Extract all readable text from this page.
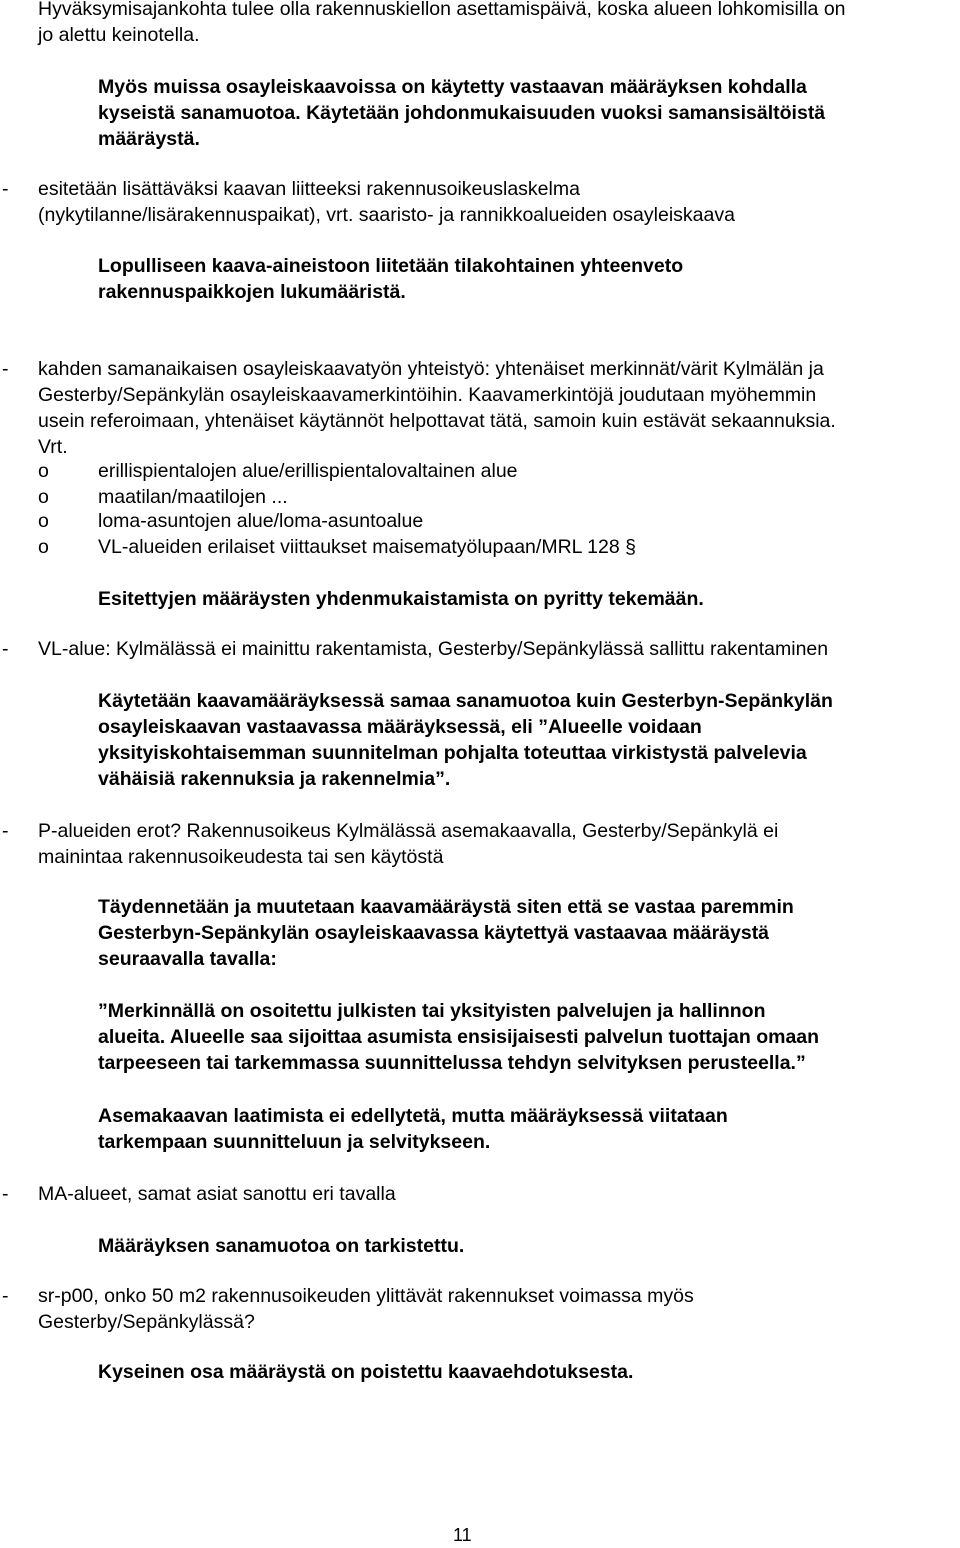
Hyväksymisajankohta tulee olla rakennuskiellon asettamispäivä, koska alueen lohkomisilla on

jo alettu keinotella.

Myös muissa osayleiskaavoissa on käytetty vastaavan määräyksen kohdalla

kyseistä sanamuotoa. Käytetään johdonmukaisuuden vuoksi samansisältöistä

määräystä.

- esitetään lisättäväksi kaavan liitteeksi rakennusoikeuslaskelma

(nykytilanne/lisärakennuspaikat), vrt. saaristo- ja rannikkoalueiden osayleiskaava

Lopulliseen kaava-aineistoon liitetään tilakohtainen yhteenveto

rakennuspaikkojen lukumääristä.

- kahden samanaikaisen osayleiskaavatyön yhteistyö: yhtenäiset merkinnät/värit Kylmälän ja

Gesterby/Sepänkylän osayleiskaavamerkintöihin. Kaavamerkintöjä joudutaan myöhemmin

usein referoimaan, yhtenäiset käytännöt helpottavat tätä, samoin kuin estävät sekaannuksia.

Vrt.

o	erillispientalojen alue/erillispientalovaltainen alue

o	maatilan/maatilojen ...

o	loma-asuntojen alue/loma-asuntoalue

o	VL-alueiden erilaiset viittaukset maisematyölupaan/MRL 128 §

Esitettyjen määräysten yhdenmukaistamista on pyritty tekemään.

- VL-alue: Kylmälässä ei mainittu rakentamista, Gesterby/Sepänkylässä sallittu rakentaminen

Käytetään kaavamääräyksessä samaa sanamuotoa kuin Gesterbyn-Sepänkylän

osayleiskaavan vastaavassa määräyksessä, eli ”Alueelle voidaan

yksityiskohtaisemman suunnitelman pohjalta toteuttaa virkistystä palvelevia

vähäisiä rakennuksia ja rakennelmia”.

- P-alueiden erot? Rakennusoikeus Kylmälässä asemakaavalla, Gesterby/Sepänkylä ei

mainintaa rakennusoikeudesta tai sen käytöstä

Täydennetään ja muutetaan kaavamääräystä siten että se vastaa paremmin

Gesterbyn-Sepänkylän osayleiskaavassa käytettyä vastaavaa määräystä

seuraavalla tavalla:

”Merkinnällä on osoitettu julkisten tai yksityisten palvelujen ja hallinnon

alueita. Alueelle saa sijoittaa asumista ensisijaisesti palvelun tuottajan omaan

tarpeeseen tai tarkemmassa suunnittelussa tehdyn selvityksen perusteella.”

Asemakaavan laatimista ei edellytetä, mutta määräyksessä viitataan

tarkempaan suunnitteluun ja selvitykseen.

- MA-alueet, samat asiat sanottu eri tavalla

Määräyksen sanamuotoa on tarkistettu.

- sr-p00, onko 50 m2 rakennusoikeuden ylittävät rakennukset voimassa myös

Gesterby/Sepänkylässä?

Kyseinen osa määräystä on poistettu kaavaehdotuksesta.

11
